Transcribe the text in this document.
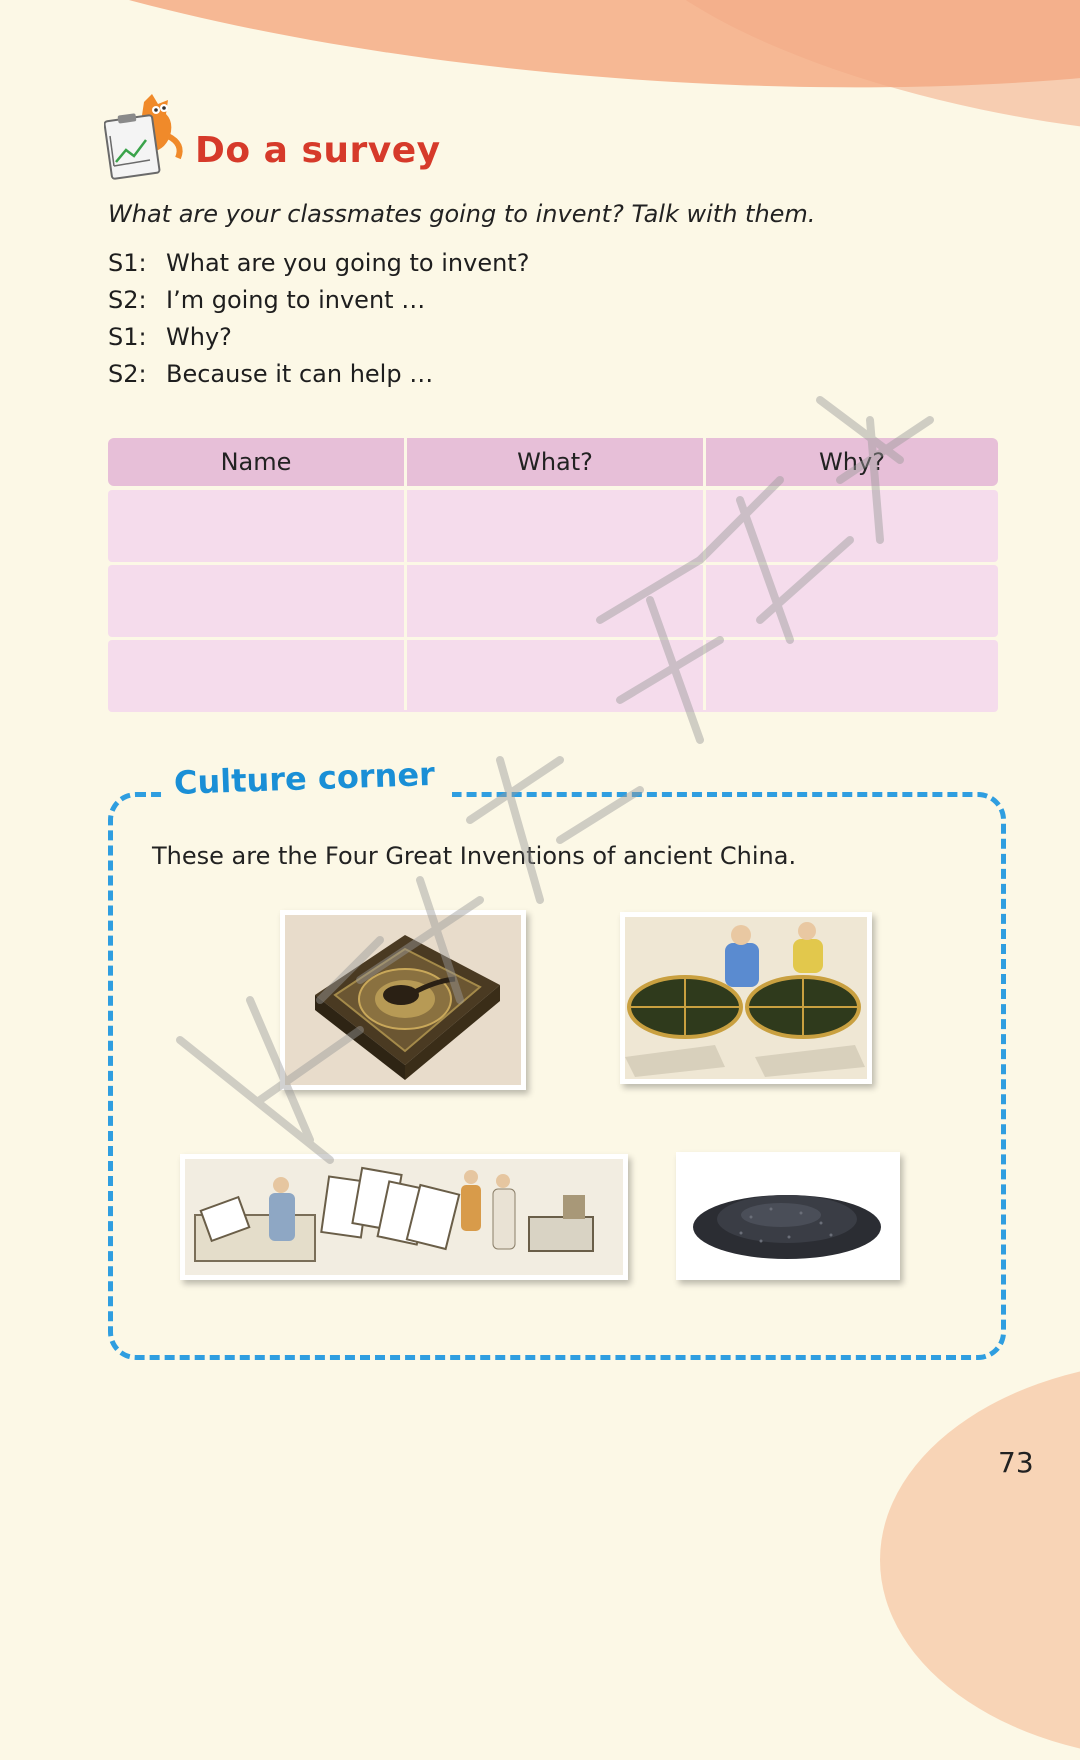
Do a survey
What are your classmates going to invent? Talk with them.
S1: What are you going to invent?
S2: I’m going to invent …
S1: Why?
S2: Because it can help …
Name	What?	Why?
Culture corner
These are the Four Great Inventions of ancient China.
73
